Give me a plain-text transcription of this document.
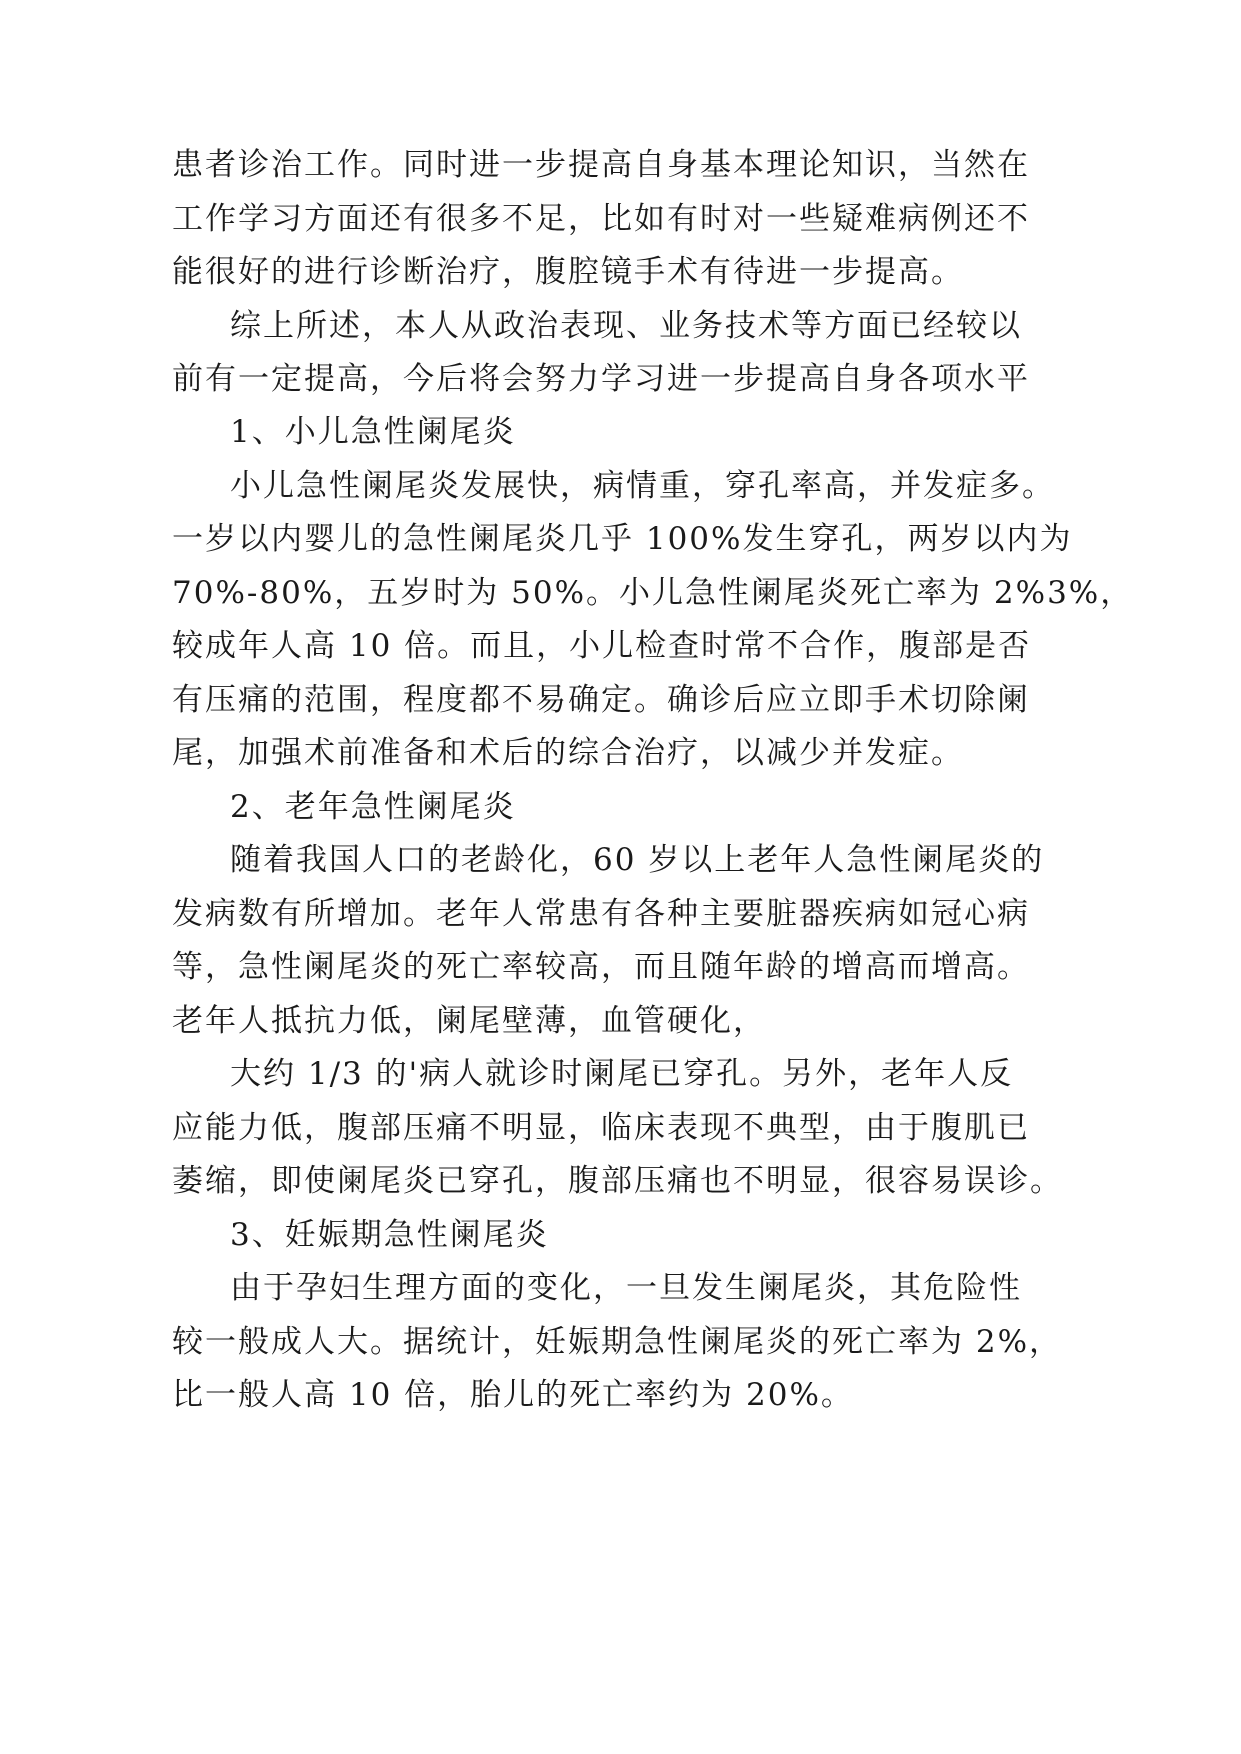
患者诊治工作。同时进一步提高自身基本理论知识，当然在
工作学习方面还有很多不足，比如有时对一些疑难病例还不
能很好的进行诊断治疗，腹腔镜手术有待进一步提高。
综上所述，本人从政治表现、业务技术等方面已经较以
前有一定提高，今后将会努力学习进一步提高自身各项水平
1、小儿急性阑尾炎
小儿急性阑尾炎发展快，病情重，穿孔率高，并发症多。
一岁以内婴儿的急性阑尾炎几乎 100%发生穿孔，两岁以内为
70%-80%，五岁时为 50%。小儿急性阑尾炎死亡率为 2%3%，
较成年人高 10 倍。而且，小儿检查时常不合作，腹部是否
有压痛的范围，程度都不易确定。确诊后应立即手术切除阑
尾，加强术前准备和术后的综合治疗，以减少并发症。
2、老年急性阑尾炎
随着我国人口的老龄化，60 岁以上老年人急性阑尾炎的
发病数有所增加。老年人常患有各种主要脏器疾病如冠心病
等，急性阑尾炎的死亡率较高，而且随年龄的增高而增高。
老年人抵抗力低，阑尾壁薄，血管硬化，
大约 1/3 的'病人就诊时阑尾已穿孔。另外，老年人反
应能力低，腹部压痛不明显，临床表现不典型，由于腹肌已
萎缩，即使阑尾炎已穿孔，腹部压痛也不明显，很容易误诊。
3、妊娠期急性阑尾炎
由于孕妇生理方面的变化，一旦发生阑尾炎，其危险性
较一般成人大。据统计，妊娠期急性阑尾炎的死亡率为 2%，
比一般人高 10 倍，胎儿的死亡率约为 20%。
